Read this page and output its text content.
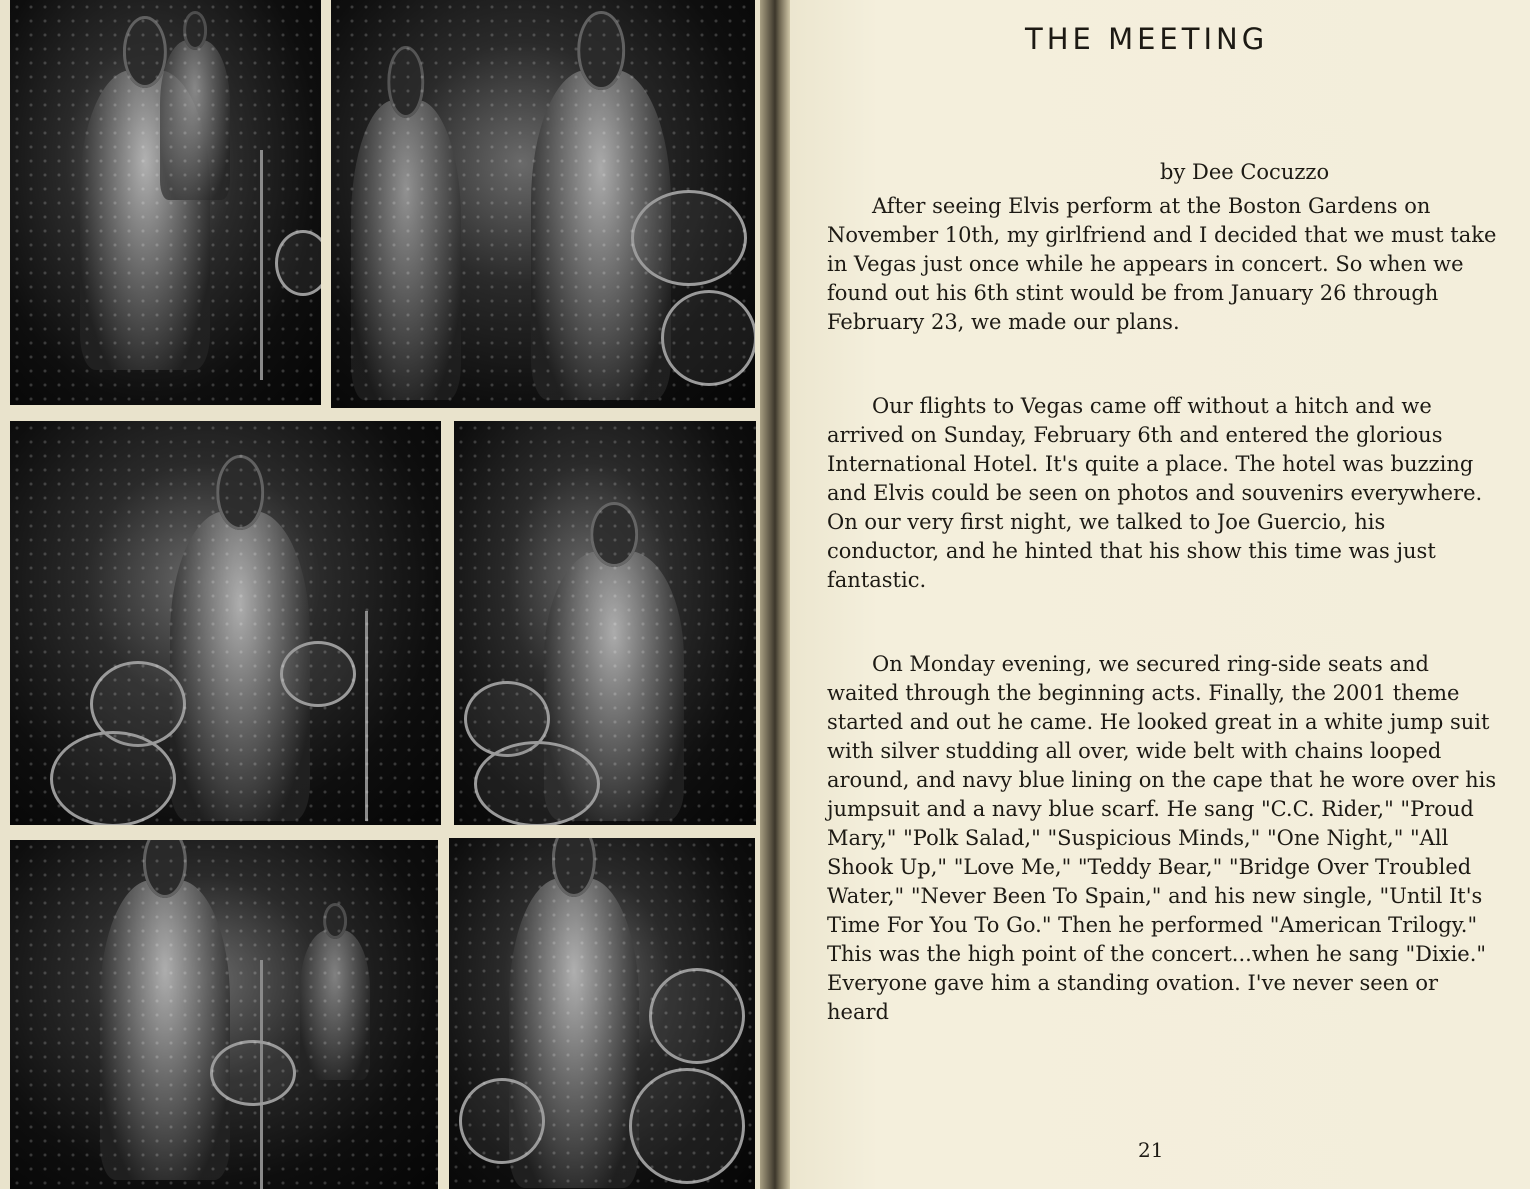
THE MEETING

by Dee Cocuzzo

After seeing Elvis perform at the Boston Gardens on November 10th, my girlfriend and I decided that we must take in Vegas just once while he appears in concert. So when we found out his 6th stint would be from January 26 through February 23, we made our plans.

Our flights to Vegas came off without a hitch and we arrived on Sunday, February 6th and entered the glorious International Hotel. It's quite a place. The hotel was buzzing and Elvis could be seen on photos and souvenirs everywhere. On our very first night, we talked to Joe Guercio, his conductor, and he hinted that his show this time was just fantastic.

On Monday evening, we secured ring-side seats and waited through the beginning acts. Finally, the 2001 theme started and out he came. He looked great in a white jump suit with silver studding all over, wide belt with chains looped around, and navy blue lining on the cape that he wore over his jumpsuit and a navy blue scarf. He sang "C.C. Rider," "Proud Mary," "Polk Salad," "Suspicious Minds," "One Night," "All Shook Up," "Love Me," "Teddy Bear," "Bridge Over Troubled Water," "Never Been To Spain," and his new single, "Until It's Time For You To Go." Then he performed "American Trilogy." This was the high point of the concert...when he sang "Dixie." Everyone gave him a standing ovation. I've never seen or heard

21
